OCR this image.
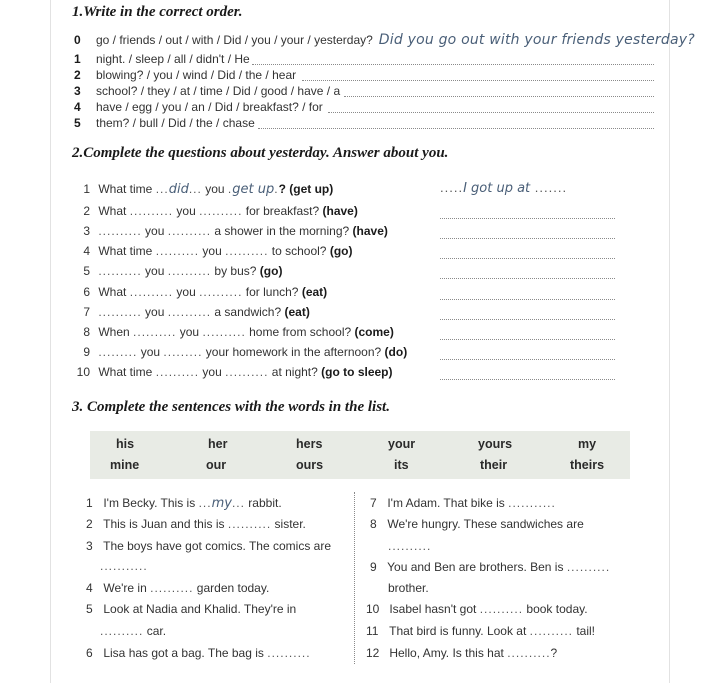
1.Write in the correct order.
0	go / friends / out / with / Did / you / your / yesterday? Did you go out with your friends yesterday?
1	night. / sleep / all / didn't / He
2	blowing? / you / wind / Did / the / hear
3	school? / they / at / time / Did / good / have / a
4	have / egg / you / an / Did / breakfast? / for
5	them? / bull / Did / the / chase
2.Complete the questions about yesterday. Answer about you.
1 What time ...did... you .get up.? (get up)	.....I got up at .......
2 What .......... you .......... for breakfast? (have)
3 .......... you .......... a shower in the morning? (have)
4 What time .......... you .......... to school? (go)
5 .......... you .......... by bus? (go)
6 What .......... you .......... for lunch? (eat)
7 .......... you .......... a sandwich? (eat)
8 When .......... you .......... home from school? (come)
9 ......... you ......... your homework in the afternoon? (do)
10 What time .......... you .......... at night? (go to sleep)
3. Complete the sentences with the words in the list.
his	her	hers	your	yours	my
mine	our	ours	its	their	theirs
1 I'm Becky. This is ...my... rabbit.
2 This is Juan and this is .......... sister.
3 The boys have got comics. The comics are
...........
4 We're in .......... garden today.
5 Look at Nadia and Khalid. They're in
.......... car.
6 Lisa has got a bag. The bag is ..........
7 I'm Adam. That bike is ...........
8 We're hungry. These sandwiches are
..........
9 You and Ben are brothers. Ben is ..........
brother.
10 Isabel hasn't got .......... book today.
11 That bird is funny. Look at .......... tail!
12 Hello, Amy. Is this hat ..........?
